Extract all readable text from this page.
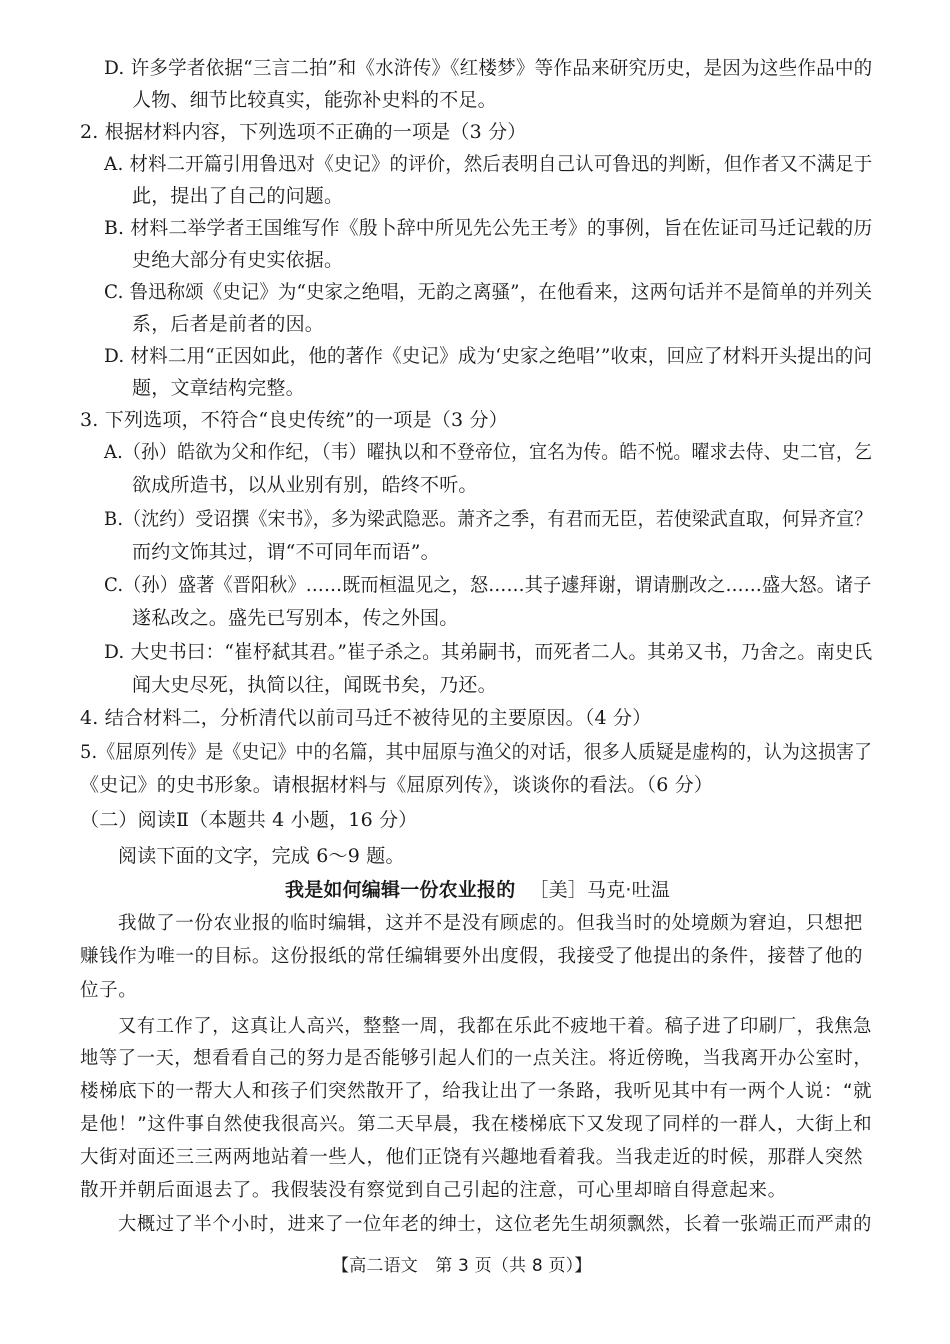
D. 许多学者依据“三言二拍”和《水浒传》《红楼梦》等作品来研究历史，是因为这些作品中的
人物、细节比较真实，能弥补史料的不足。
2. 根据材料内容，下列选项不正确的一项是（3 分）
A. 材料二开篇引用鲁迅对《史记》的评价，然后表明自己认可鲁迅的判断，但作者又不满足于
此，提出了自己的问题。
B. 材料二举学者王国维写作《殷卜辞中所见先公先王考》的事例，旨在佐证司马迁记载的历
史绝大部分有史实依据。
C. 鲁迅称颂《史记》为“史家之绝唱，无韵之离骚”，在他看来，这两句话并不是简单的并列关
系，后者是前者的因。
D. 材料二用“正因如此，他的著作《史记》成为‘史家之绝唱’”收束，回应了材料开头提出的问
题，文章结构完整。
3. 下列选项，不符合“良史传统”的一项是（3 分）
A.（孙）皓欲为父和作纪，（韦）曜执以和不登帝位，宜名为传。皓不悦。曜求去侍、史二官，乞
欲成所造书，以从业别有别，皓终不听。
B.（沈约）受诏撰《宋书》，多为梁武隐恶。萧齐之季，有君而无臣，若使梁武直取，何异齐宣？
而约文饰其过，谓“不可同年而语”。
C.（孙）盛著《晋阳秋》……既而桓温见之，怒……其子遽拜谢，谓请删改之……盛大怒。诸子
遂私改之。盛先已写别本，传之外国。
D. 大史书曰：“崔杼弑其君。”崔子杀之。其弟嗣书，而死者二人。其弟又书，乃舍之。南史氏
闻大史尽死，执简以往，闻既书矣，乃还。
4. 结合材料二，分析清代以前司马迁不被待见的主要原因。（4 分）
5.《屈原列传》是《史记》中的名篇，其中屈原与渔父的对话，很多人质疑是虚构的，认为这损害了
《史记》的史书形象。请根据材料与《屈原列传》，谈谈你的看法。（6 分）
（二）阅读Ⅱ（本题共 4 小题，16 分）
阅读下面的文字，完成 6～9 题。
我是如何编辑一份农业报的 ［美］马克·吐温
我做了一份农业报的临时编辑，这并不是没有顾虑的。但我当时的处境颇为窘迫，只想把
赚钱作为唯一的目标。这份报纸的常任编辑要外出度假，我接受了他提出的条件，接替了他的
位子。
又有工作了，这真让人高兴，整整一周，我都在乐此不疲地干着。稿子进了印刷厂，我焦急
地等了一天，想看看自己的努力是否能够引起人们的一点关注。将近傍晚，当我离开办公室时，
楼梯底下的一帮大人和孩子们突然散开了，给我让出了一条路，我听见其中有一两个人说：“就
是他！”这件事自然使我很高兴。第二天早晨，我在楼梯底下又发现了同样的一群人，大街上和
大街对面还三三两两地站着一些人，他们正饶有兴趣地看着我。当我走近的时候，那群人突然
散开并朝后面退去了。我假装没有察觉到自己引起的注意，可心里却暗自得意起来。
大概过了半个小时，进来了一位年老的绅士，这位老先生胡须飘然，长着一张端正而严肃的
【高二语文　第 3 页（共 8 页）】
